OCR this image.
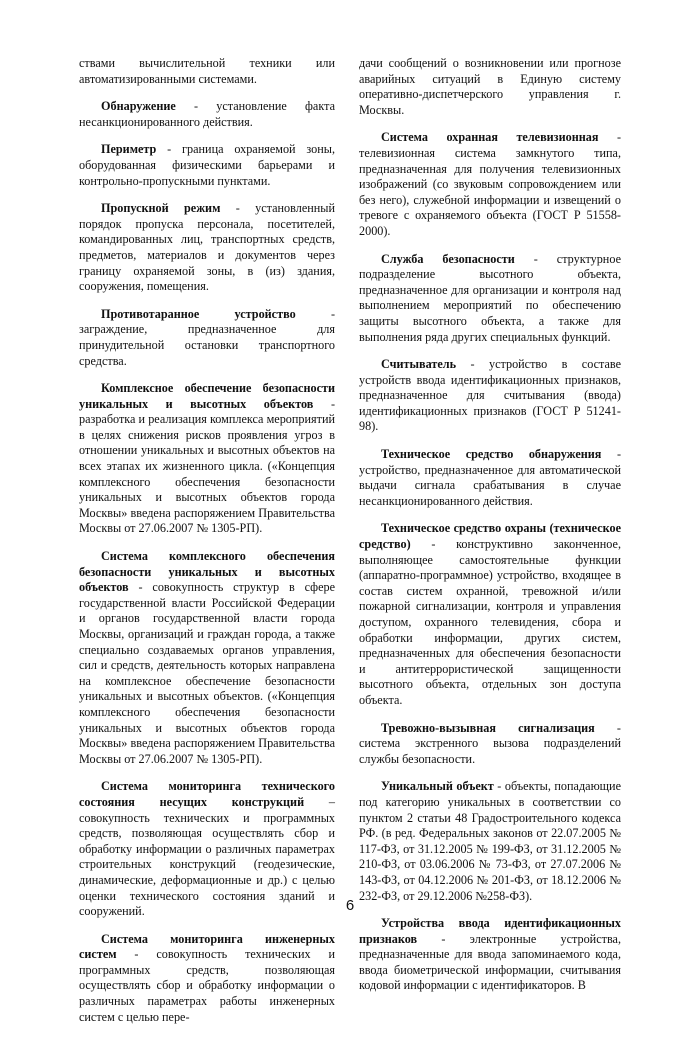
ствами вычислительной техники или автоматизированными системами.

Обнаружение - установление факта несанкционированного действия.

Периметр - граница охраняемой зоны, оборудованная физическими барьерами и контрольно-пропускными пунктами.

Пропускной режим - установленный порядок пропуска персонала, посетителей, командированных лиц, транспортных средств, предметов, материалов и документов через границу охраняемой зоны, в (из) здания, сооружения, помещения.

Противотаранное устройство - заграждение, предназначенное для принудительной остановки транспортного средства.

Комплексное обеспечение безопасности уникальных и высотных объектов - разработка и реализация комплекса мероприятий в целях снижения рисков проявления угроз в отношении уникальных и высотных объектов на всех этапах их жизненного цикла. («Концепция комплексного обеспечения безопасности уникальных и высотных объектов города Москвы» введена распоряжением Правительства Москвы от 27.06.2007 № 1305-РП).

Система комплексного обеспечения безопасности уникальных и высотных объектов - совокупность структур в сфере государственной власти Российской Федерации и органов государственной власти города Москвы, организаций и граждан города, а также специально создаваемых органов управления, сил и средств, деятельность которых направлена на комплексное обеспечение безопасности уникальных и высотных объектов. («Концепция комплексного обеспечения безопасности уникальных и высотных объектов города Москвы» введена распоряжением Правительства Москвы от 27.06.2007 № 1305-РП).

Система мониторинга технического состояния несущих конструкций – совокупность технических и программных средств, позволяющая осуществлять сбор и обработку информации о различных параметрах строительных конструкций (геодезические, динамические, деформационные и др.) с целью оценки технического состояния зданий и сооружений.

Система мониторинга инженерных систем - совокупность технических и программных средств, позволяющая осуществлять сбор и обработку информации о различных параметрах работы инженерных систем с целью пере-

дачи сообщений о возникновении или прогнозе аварийных ситуаций в Единую систему оперативно-диспетчерского управления г. Москвы.

Система охранная телевизионная - телевизионная система замкнутого типа, предназначенная для получения телевизионных изображений (со звуковым сопровождением или без него), служебной информации и извещений о тревоге с охраняемого объекта (ГОСТ Р 51558-2000).

Служба безопасности - структурное подразделение высотного объекта, предназначенное для организации и контроля над выполнением мероприятий по обеспечению защиты высотного объекта, а также для выполнения ряда других специальных функций.

Считыватель - устройство в составе устройств ввода идентификационных признаков, предназначенное для считывания (ввода) идентификационных признаков (ГОСТ Р 51241-98).

Техническое средство обнаружения - устройство, предназначенное для автоматической выдачи сигнала срабатывания в случае несанкционированного действия.

Техническое средство охраны (техническое средство) - конструктивно законченное, выполняющее самостоятельные функции (аппаратно-программное) устройство, входящее в состав систем охранной, тревожной и/или пожарной сигнализации, контроля и управления доступом, охранного телевидения, сбора и обработки информации, других систем, предназначенных для обеспечения безопасности и антитеррористической защищенности высотного объекта, отдельных зон доступа объекта.

Тревожно-вызывная сигнализация - система экстренного вызова подразделений службы безопасности.

Уникальный объект - объекты, попадающие под категорию уникальных в соответствии со пунктом 2 статьи 48 Градостроительного кодекса РФ. (в ред. Федеральных законов от 22.07.2005 № 117-ФЗ, от 31.12.2005 № 199-ФЗ, от 31.12.2005 № 210-ФЗ, от 03.06.2006 № 73-ФЗ, от 27.07.2006 № 143-ФЗ, от 04.12.2006 № 201-ФЗ, от 18.12.2006 № 232-ФЗ, от 29.12.2006 №258-ФЗ).

Устройства ввода идентификационных признаков - электронные устройства, предназначенные для ввода запоминаемого кода, ввода биометрической информации, считывания кодовой информации с идентификаторов. В

6
